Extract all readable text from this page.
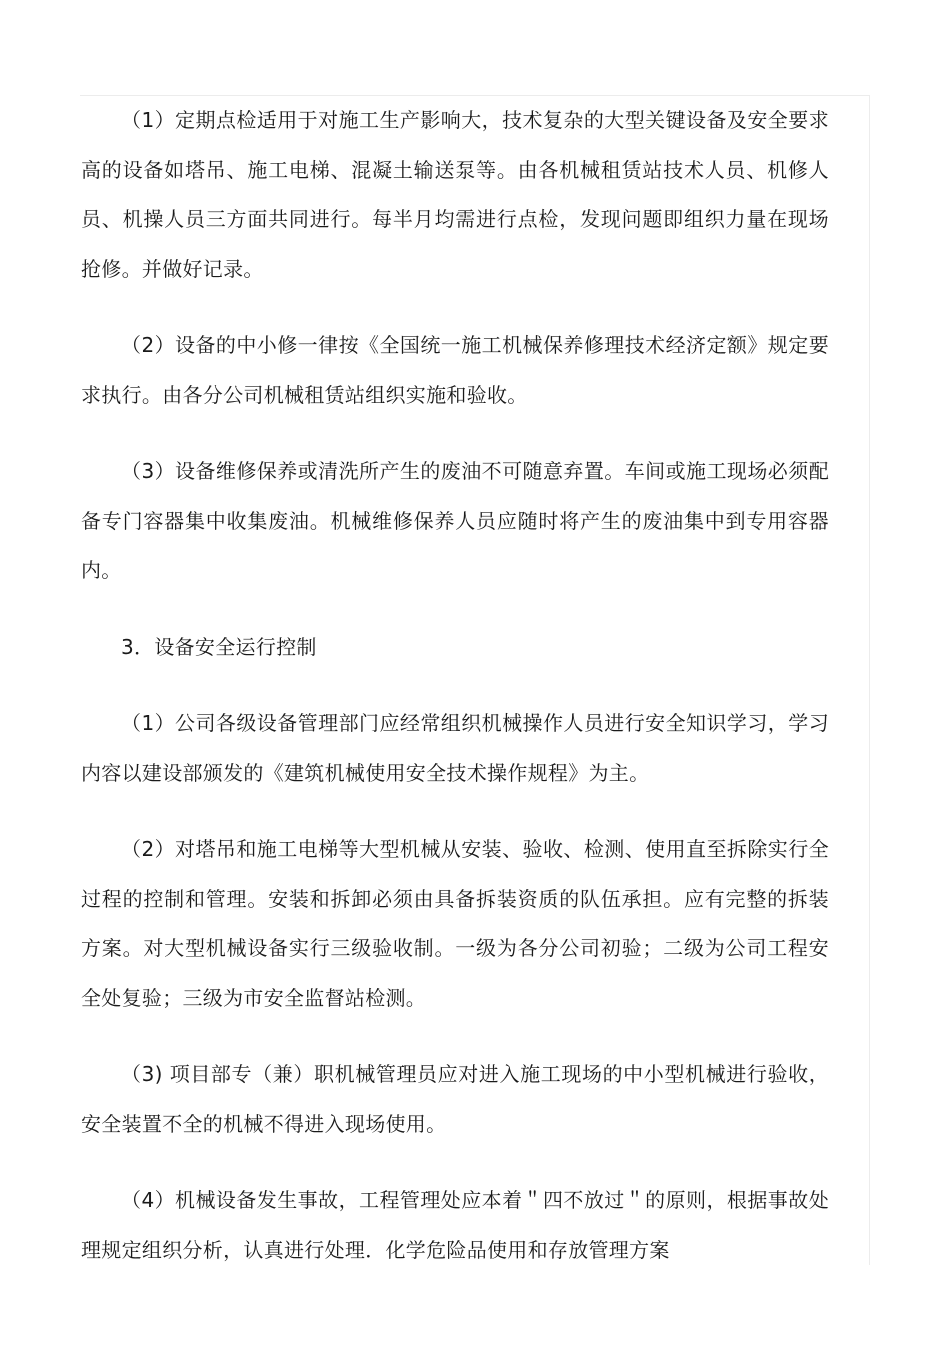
（1）定期点检适用于对施工生产影响大，技术复杂的大型关键设备及安全要求高的设备如塔吊、施工电梯、混凝土输送泵等。由各机械租赁站技术人员、机修人员、机操人员三方面共同进行。每半月均需进行点检，发现问题即组织力量在现场抢修。并做好记录。

（2）设备的中小修一律按《全国统一施工机械保养修理技术经济定额》规定要求执行。由各分公司机械租赁站组织实施和验收。

（3）设备维修保养或清洗所产生的废油不可随意弃置。车间或施工现场必须配备专门容器集中收集废油。机械维修保养人员应随时将产生的废油集中到专用容器内。

3．设备安全运行控制

（1）公司各级设备管理部门应经常组织机械操作人员进行安全知识学习，学习内容以建设部颁发的《建筑机械使用安全技术操作规程》为主。

（2）对塔吊和施工电梯等大型机械从安装、验收、检测、使用直至拆除实行全过程的控制和管理。安装和拆卸必须由具备拆装资质的队伍承担。应有完整的拆装方案。对大型机械设备实行三级验收制。一级为各分公司初验；二级为公司工程安全处复验；三级为市安全监督站检测。

（3) 项目部专（兼）职机械管理员应对进入施工现场的中小型机械进行验收，安全装置不全的机械不得进入现场使用。

（4）机械设备发生事故，工程管理处应本着＂四不放过＂的原则，根据事故处理规定组织分析，认真进行处理．化学危险品使用和存放管理方案
